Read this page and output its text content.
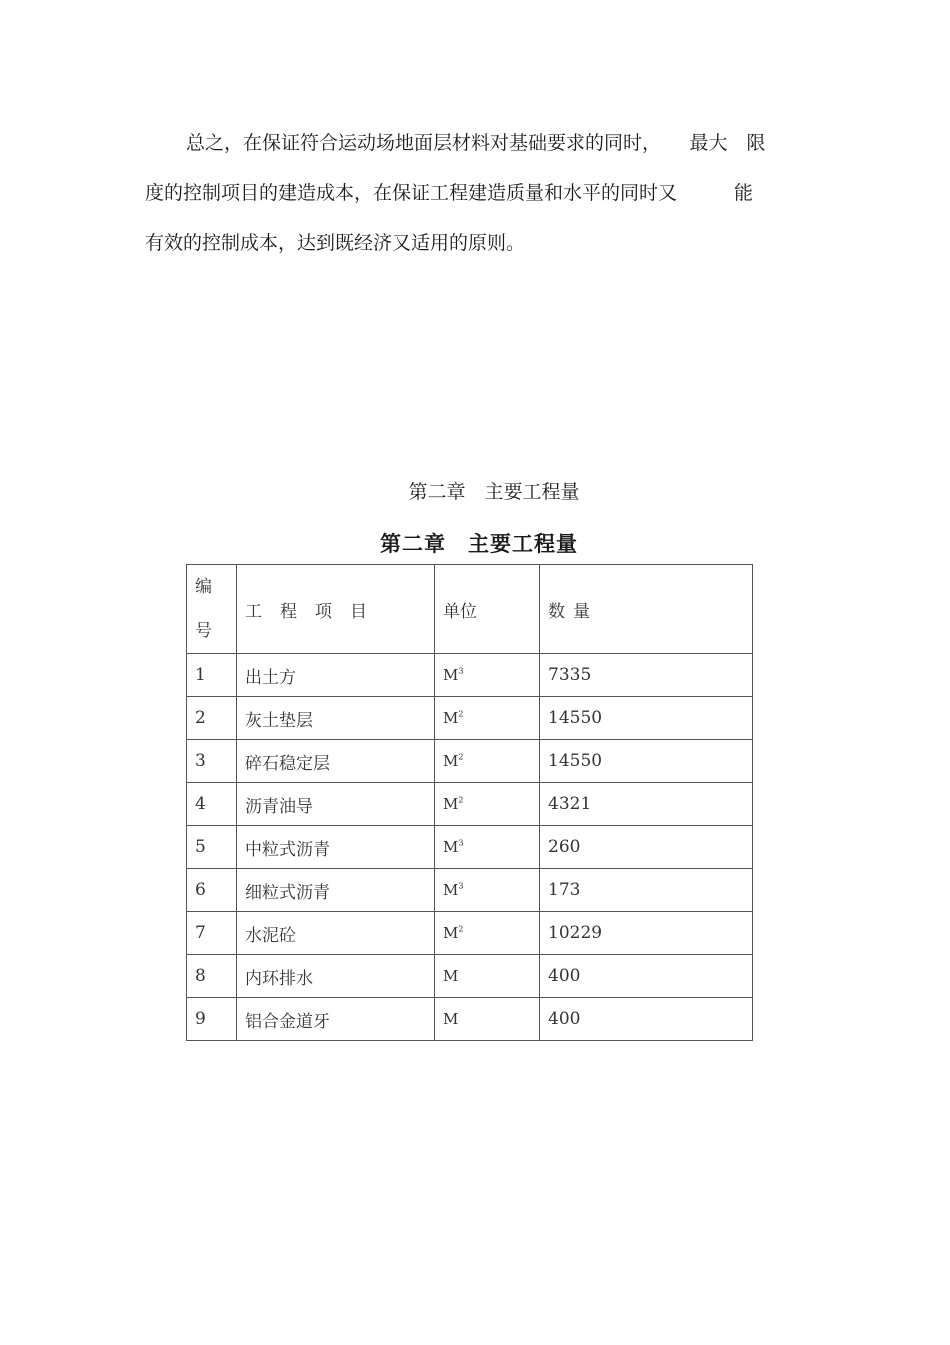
总之，在保证符合运动场地面层材料对基础要求的同时，　　最大　限
度的控制项目的建造成本，在保证工程建造质量和水平的同时又　　　能
有效的控制成本，达到既经济又适用的原则。
第二章　主要工程量
第二章　主要工程量
编号	工程项目	单位	数量
1	出土方	$M^3$	7335
2	灰土垫层	$M^2$	14550
3	碎石稳定层	$M^2$	14550
4	沥青油导	$M^2$	4321
5	中粒式沥青	$M^3$	260
6	细粒式沥青	$M^3$	173
7	水泥砼	$M^2$	10229
8	内环排水	M	400
9	铝合金道牙	M	400
